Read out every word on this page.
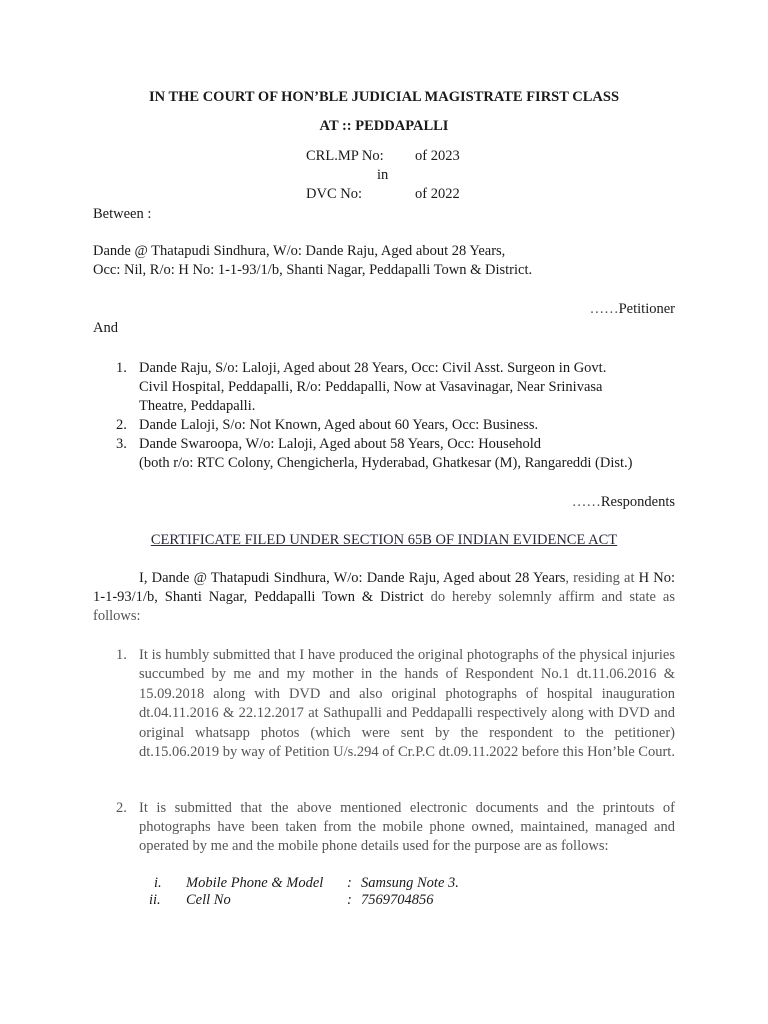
IN THE COURT OF HON’BLE JUDICIAL MAGISTRATE FIRST CLASS
AT :: PEDDAPALLI
CRL.MP No: of 2023
in
DVC No:	of 2022
Between :
Dande @ Thatapudi Sindhura, W/o: Dande Raju, Aged about 28 Years,
Occ: Nil, R/o: H No: 1-1-93/1/b, Shanti Nagar, Peddapalli Town & District.
……Petitioner
And
1. Dande Raju, S/o: Laloji, Aged about 28 Years, Occ: Civil Asst. Surgeon in Govt.
Civil Hospital, Peddapalli, R/o: Peddapalli, Now at Vasavinagar, Near Srinivasa
Theatre, Peddapalli.
2. Dande Laloji, S/o: Not Known, Aged about 60 Years, Occ: Business.
3. Dande Swaroopa, W/o: Laloji, Aged about 58 Years, Occ: Household
(both r/o: RTC Colony, Chengicherla, Hyderabad, Ghatkesar (M), Rangareddi (Dist.)
……Respondents
CERTIFICATE FILED UNDER SECTION 65B OF INDIAN EVIDENCE ACT
I, Dande @ Thatapudi Sindhura, W/o: Dande Raju, Aged about 28 Years, residing at H No: 1-1-93/1/b, Shanti Nagar, Peddapalli Town & District do hereby solemnly affirm and state as follows:
1. It is humbly submitted that I have produced the original photographs of the physical injuries succumbed by me and my mother in the hands of Respondent No.1 dt.11.06.2016 & 15.09.2018 along with DVD and also original photographs of hospital inauguration dt.04.11.2016 & 22.12.2017 at Sathupalli and Peddapalli respectively along with DVD and original whatsapp photos (which were sent by the respondent to the petitioner) dt.15.06.2019 by way of Petition U/s.294 of Cr.P.C dt.09.11.2022 before this Hon’ble Court.
2. It is submitted that the above mentioned electronic documents and the printouts of photographs have been taken from the mobile phone owned, maintained, managed and operated by me and the mobile phone details used for the purpose are as follows:
i. Mobile Phone & Model : Samsung Note 3.
ii. Cell No	: 7569704856
